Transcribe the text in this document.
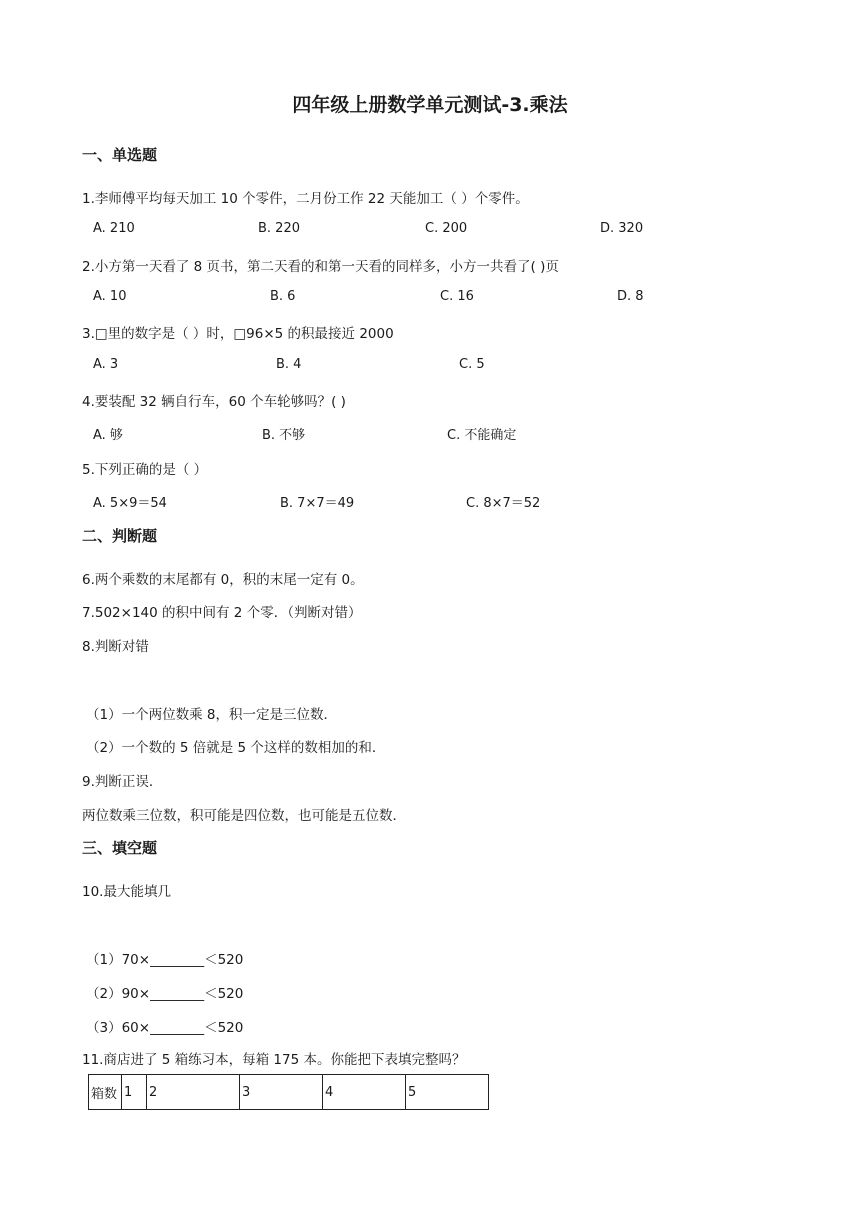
四年级上册数学单元测试-3.乘法
一、单选题
1.李师傅平均每天加工 10 个零件，二月份工作 22 天能加工（ ）个零件。
A. 210	B. 220	C. 200	D. 320
2.小方第一天看了 8 页书，第二天看的和第一天看的同样多，小方一共看了( )页
A. 10	B. 6	C. 16	D. 8
3.□里的数字是（ ）时，□96×5 的积最接近 2000
A. 3	B. 4	C. 5
4.要装配 32 辆自行车，60 个车轮够吗？( )
A. 够	B. 不够	C. 不能确定
5.下列正确的是（ ）
A. 5×9＝54	B. 7×7＝49	C. 8×7＝52
二、判断题
6.两个乘数的末尾都有 0，积的末尾一定有 0。
7.502×140 的积中间有 2 个零．（判断对错）
8.判断对错
（1）一个两位数乘 8，积一定是三位数．
（2）一个数的 5 倍就是 5 个这样的数相加的和．
9.判断正误．
两位数乘三位数，积可能是四位数，也可能是五位数．
三、填空题
10.最大能填几
（1）70×________＜520
（2）90×________＜520
（3）60×________＜520
11.商店进了 5 箱练习本，每箱 175 本。你能把下表填完整吗？
箱数	1	2	3	4	5
